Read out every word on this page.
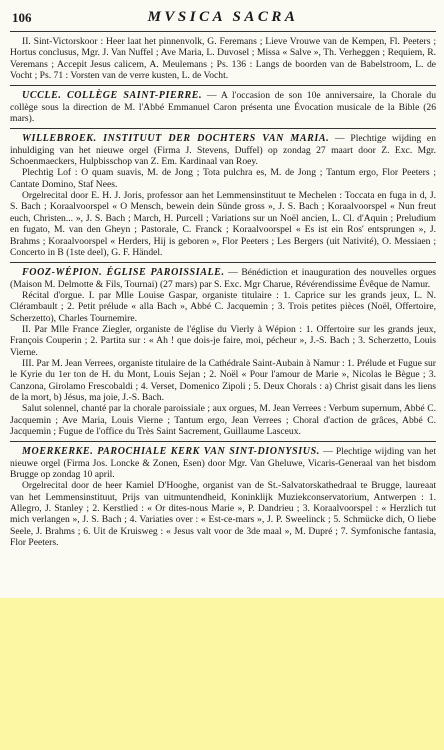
106	MVSICA SACRA

II. Sint-Victorskoor : Heer laat het pinnenvolk, G. Feremans ; Lieve Vrouwe van de Kempen, Fl. Peeters ; Hortus conclusus, Mgr. J. Van Nuffel ; Ave Maria, L. Duvosel ; Missa « Salve », Th. Verheggen ; Requiem, R. Veremans ; Accepit Jesus calicem, A. Meulemans ; Ps. 136 : Langs de boorden van de Babelstroom, L. de Vocht ; Ps. 71 : Vorsten van de verre kusten, L. de Vocht.

UCCLE. COLLÈGE SAINT-PIERRE. — A l'occasion de son 10e anniversaire, la Chorale du collège sous la direction de M. l'Abbé Emmanuel Caron présenta une Évocation musicale de la Bible (26 mars).

WILLEBROEK. INSTITUUT DER DOCHTERS VAN MARIA. — Plechtige wijding en inhuldiging van het nieuwe orgel (Firma J. Stevens, Duffel) op zondag 27 maart door Z. Exc. Mgr. Schoenmaeckers, Hulpbisschop van Z. Em. Kardinaal van Roey.

Plechtig Lof : O quam suavis, M. de Jong ; Tota pulchra es, M. de Jong ; Tantum ergo, Flor Peeters ; Cantate Domino, Staf Nees.

Orgelrecital door E. H. J. Joris, professor aan het Lemmensinstituut te Mechelen : Toccata en fuga in d, J. S. Bach ; Koraalvoorspel « O Mensch, bewein dein Sünde gross », J. S. Bach ; Koraalvoorspel « Nun freut euch, Christen... », J. S. Bach ; March, H. Purcell ; Variations sur un Noël ancien, L. Cl. d'Aquin ; Preludium en fugato, M. van den Gheyn ; Pastorale, C. Franck ; Koraalvoorspel « Es ist ein Ros' entsprungen », J. Brahms ; Koraalvoorspel « Herders, Hij is geboren », Flor Peeters ; Les Bergers (uit Nativité), O. Messiaen ; Concerto in B (1ste deel), G. F. Händel.

FOOZ-WÉPION. ÉGLISE PAROISSIALE. — Bénédiction et inauguration des nouvelles orgues (Maison M. Delmotte & Fils, Tournai) (27 mars) par S. Exc. Mgr Charue, Révérendissime Évêque de Namur.

Récital d'orgue. I. par Mlle Louise Gaspar, organiste titulaire : 1. Caprice sur les grands jeux, L. N. Clérambault ; 2. Petit prélude « alla Bach », Abbé C. Jacquemin ; 3. Trois petites pièces (Noël, Offertoire, Scherzetto), Charles Tournemire.

II. Par Mlle France Ziegler, organiste de l'église du Vierly à Wépion : 1. Offertoire sur les grands jeux, François Couperin ; 2. Partita sur : « Ah ! que dois-je faire, moi, pécheur », J.-S. Bach ; 3. Scherzetto, Louis Vierne.

III. Par M. Jean Verrees, organiste titulaire de la Cathédrale Saint-Aubain à Namur : 1. Prélude et Fugue sur le Kyrie du 1er ton de H. du Mont, Louis Sejan ; 2. Noël « Pour l'amour de Marie », Nicolas le Bègue ; 3. Canzona, Girolamo Frescobaldi ; 4. Verset, Domenico Zipoli ; 5. Deux Chorals : a) Christ gisait dans les liens de la mort, b) Jésus, ma joie, J.-S. Bach.

Salut solennel, chanté par la chorale paroissiale ; aux orgues, M. Jean Verrees : Verbum supernum, Abbé C. Jacquemin ; Ave Maria, Louis Vierne ; Tantum ergo, Jean Verrees ; Choral d'action de grâces, Abbé C. Jacquemin ; Fugue de l'office du Très Saint Sacrement, Guillaume Lasceux.

MOERKERKE. PAROCHIALE KERK VAN SINT-DIONYSIUS. — Plechtige wijding van het nieuwe orgel (Firma Jos. Loncke & Zonen, Esen) door Mgr. Van Gheluwe, Vicaris-Generaal van het bisdom Brugge op zondag 10 april.

Orgelrecital door de heer Kamiel D'Hooghe, organist van de St.-Salvatorskathedraal te Brugge, laureaat van het Lemmensinstituut, Prijs van uitmuntendheid, Koninklijk Muziekconservatorium, Antwerpen : 1. Allegro, J. Stanley ; 2. Kerstlied : « Or dites-nous Marie », P. Dandrieu ; 3. Koraalvoorspel : « Herzlich tut mich verlangen », J. S. Bach ; 4. Variaties over : « Est-ce-mars », J. P. Sweelinck ; 5. Schmücke dich, O liebe Seele, J. Brahms ; 6. Uit de Kruisweg : « Jesus valt voor de 3de maal », M. Dupré ; 7. Symfonische fantasia, Flor Peeters.
